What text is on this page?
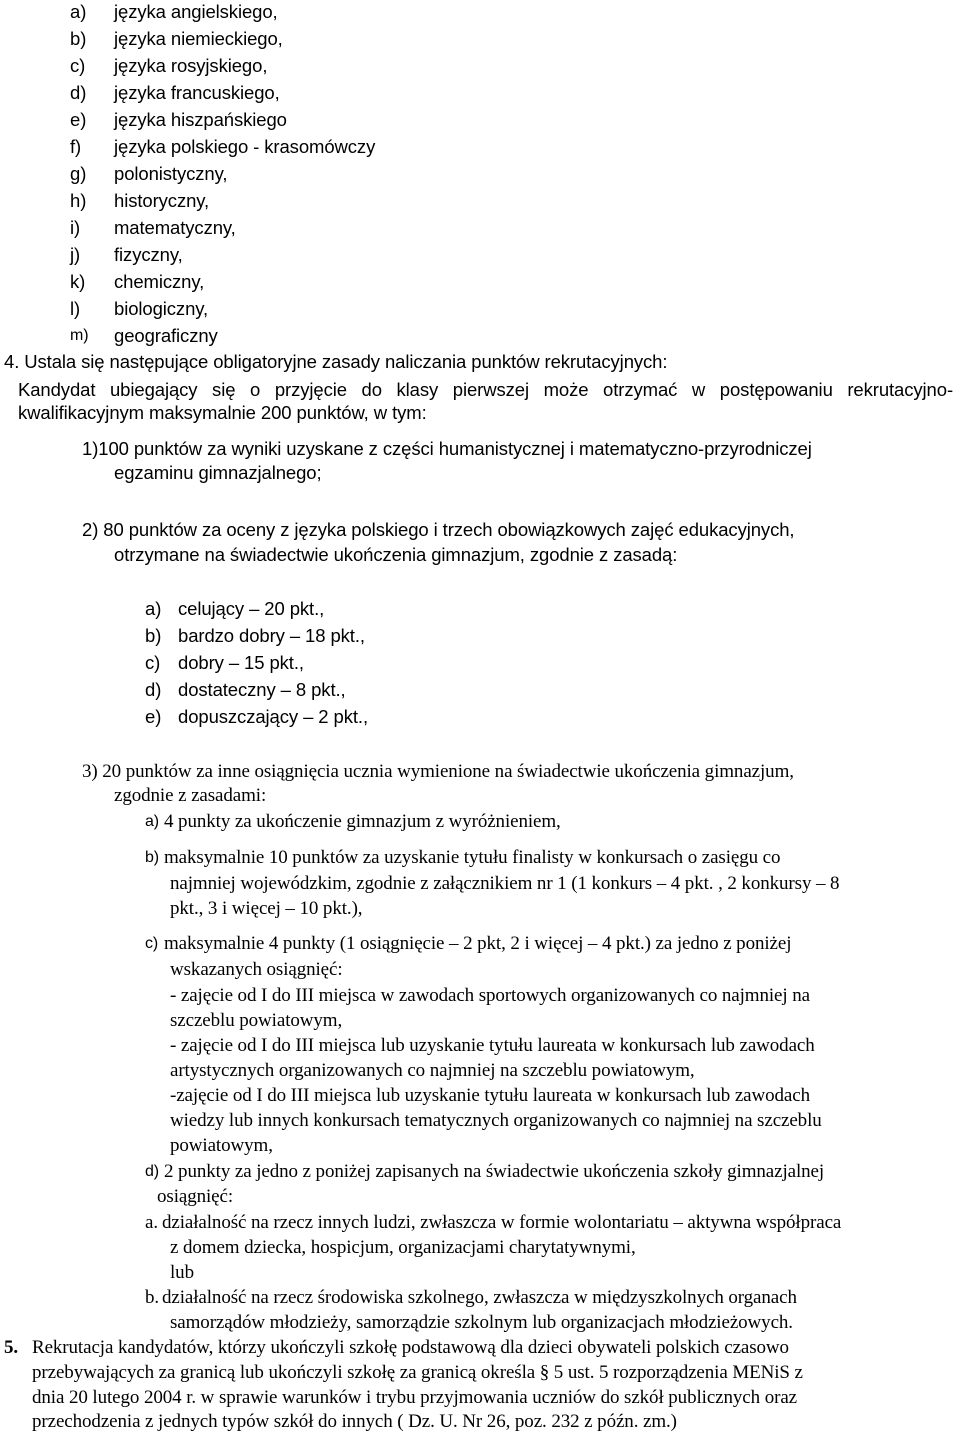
a) języka angielskiego,
b) języka niemieckiego,
c) języka rosyjskiego,
d) języka francuskiego,
e) języka hiszpańskiego
f) języka polskiego - krasomówczy
g) polonistyczny,
h) historyczny,
i) matematyczny,
j) fizyczny,
k) chemiczny,
l) biologiczny,
m) geograficzny
4. Ustala się następujące obligatoryjne zasady naliczania punktów rekrutacyjnych:
Kandydat ubiegający się o przyjęcie do klasy pierwszej może otrzymać w postępowaniu rekrutacyjno-
kwalifikacyjnym maksymalnie 200 punktów, w tym:
1)100 punktów za wyniki uzyskane z części humanistycznej i matematyczno-przyrodniczej
egzaminu gimnazjalnego;
2) 80 punktów za oceny z języka polskiego i trzech obowiązkowych zajęć edukacyjnych,
otrzymane na świadectwie ukończenia gimnazjum, zgodnie z zasadą:
a) celujący – 20 pkt.,
b) bardzo dobry – 18 pkt.,
c) dobry – 15 pkt.,
d) dostateczny – 8 pkt.,
e) dopuszczający – 2 pkt.,
3) 20 punktów za inne osiągnięcia ucznia wymienione na świadectwie ukończenia gimnazjum,
zgodnie z zasadami:
a) 4 punkty za ukończenie gimnazjum z wyróżnieniem,
b) maksymalnie 10 punktów za uzyskanie tytułu finalisty w konkursach o zasięgu co
najmniej wojewódzkim, zgodnie z załącznikiem nr 1 (1 konkurs – 4 pkt. , 2 konkursy – 8
pkt., 3 i więcej – 10 pkt.),
c) maksymalnie 4 punkty (1 osiągnięcie – 2 pkt, 2 i więcej – 4 pkt.) za jedno z poniżej
wskazanych osiągnięć:
- zajęcie od I do III miejsca w zawodach sportowych organizowanych co najmniej na
szczeblu powiatowym,
- zajęcie od I do III miejsca lub uzyskanie tytułu laureata w konkursach lub zawodach
artystycznych organizowanych co najmniej na szczeblu powiatowym,
-zajęcie od I do III miejsca lub uzyskanie tytułu laureata w konkursach lub zawodach
wiedzy lub innych konkursach tematycznych organizowanych co najmniej na szczeblu
powiatowym,
d) 2 punkty za jedno z poniżej zapisanych na świadectwie ukończenia szkoły gimnazjalnej
osiągnięć:
a. działalność na rzecz innych ludzi, zwłaszcza w formie wolontariatu – aktywna współpraca
z domem dziecka, hospicjum, organizacjami charytatywnymi,
lub
b. działalność na rzecz środowiska szkolnego, zwłaszcza w międzyszkolnych organach
samorządów młodzieży, samorządzie szkolnym lub organizacjach młodzieżowych.
5. Rekrutacja kandydatów, którzy ukończyli szkołę podstawową dla dzieci obywateli polskich czasowo
przebywających za granicą lub ukończyli szkołę za granicą określa § 5 ust. 5 rozporządzenia MENiS z
dnia 20 lutego 2004 r. w sprawie warunków i trybu przyjmowania uczniów do szkół publicznych oraz
przechodzenia z jednych typów szkół do innych ( Dz. U. Nr 26, poz. 232 z późn. zm.)
